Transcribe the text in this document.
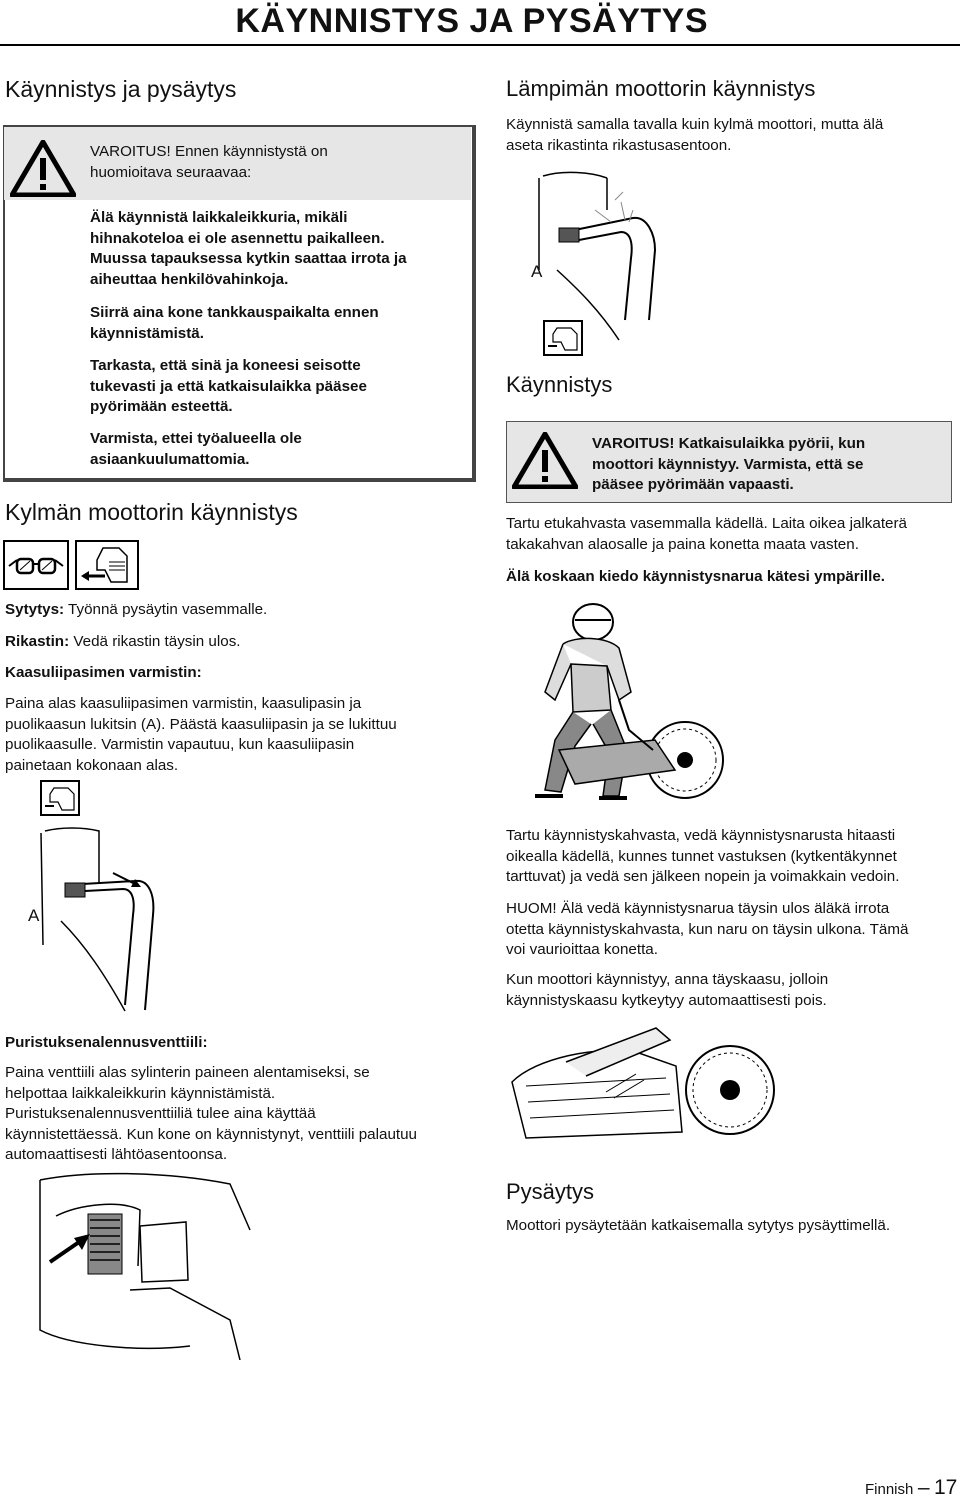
KÄYNNISTYS JA PYSÄYTYS
Käynnistys ja pysäytys

VAROITUS! Ennen käynnistystä on

huomioitava seuraavaa:

Älä käynnistä laikkaleikkuria, mikäli

hihnakoteloa ei ole asennettu paikalleen.

Muussa tapauksessa kytkin saattaa irrota ja

aiheuttaa henkilövahinkoja.

Siirrä aina kone tankkauspaikalta ennen

käynnistämistä.

Tarkasta, että sinä ja koneesi seisotte

tukevasti ja että katkaisulaikka pääsee

pyörimään esteettä.

Varmista, ettei työalueella ole

asiaankuulumattomia.

Kylmän moottorin käynnistys
Sytytys: Työnnä pysäytin vasemmalle.
Rikastin: Vedä rikastin täysin ulos.
Kaasuliipasimen varmistin:

Paina alas kaasuliipasimen varmistin, kaasulipasin ja

puolikaasun lukitsin (A). Päästä kaasuliipasin ja se lukittuu

puolikaasulle. Varmistin vapautuu, kun kaasuliipasin

painetaan kokonaan alas.

A
Puristuksenalennusventtiili:

Paina venttiili alas sylinterin paineen alentamiseksi, se

helpottaa laikkaleikkurin käynnistämistä.

Puristuksenalennusventtiiliä tulee aina käyttää

käynnistettäessä. Kun kone on käynnistynyt, venttiili palautuu

automaattisesti lähtöasentoonsa.

Lämpimän moottorin käynnistys

Käynnistä samalla tavalla kuin kylmä moottori, mutta älä

aseta rikastinta rikastusasentoon.

A
Käynnistys

VAROITUS! Katkaisulaikka pyörii, kun

moottori käynnistyy. Varmista, että se

pääsee pyörimään vapaasti.

Tartu etukahvasta vasemmalla kädellä. Laita oikea jalkaterä

takakahvan alaosalle ja paina konetta maata vasten.

Älä koskaan kiedo käynnistysnarua kätesi ympärille.

Tartu käynnistyskahvasta, vedä käynnistysnarusta hitaasti

oikealla kädellä, kunnes tunnet vastuksen (kytkentäkynnet

tarttuvat) ja vedä sen jälkeen nopein ja voimakkain vedoin.

HUOM! Älä vedä käynnistysnarua täysin ulos äläkä irrota

otetta käynnistyskahvasta, kun naru on täysin ulkona. Tämä

voi vaurioittaa konetta.

Kun moottori käynnistyy, anna täyskaasu, jolloin

käynnistyskaasu kytkeytyy automaattisesti pois.

Pysäytys
Moottori pysäytetään katkaisemalla sytytys pysäyttimellä.
Finnish – 17
